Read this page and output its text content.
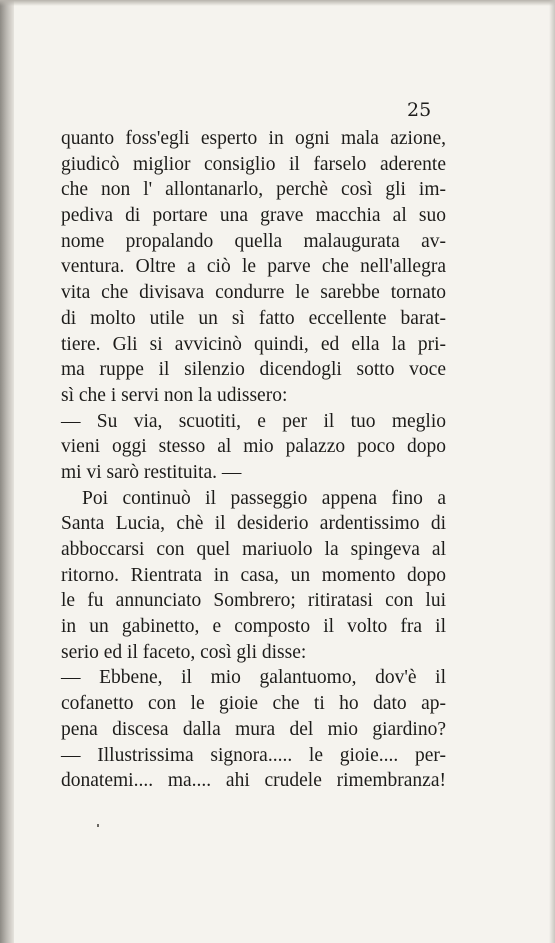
25
quanto foss'egli esperto in ogni mala azione,
giudicò miglior consiglio il farselo aderente
che non l' allontanarlo, perchè così gli im-
pediva di portare una grave macchia al suo
nome propalando quella malaugurata av-
ventura. Oltre a ciò le parve che nell'allegra
vita che divisava condurre le sarebbe tornato
di molto utile un sì fatto eccellente barat-
tiere. Gli si avvicinò quindi, ed ella la pri-
ma ruppe il silenzio dicendogli sotto voce
sì che i servi non la udissero:
— Su via, scuotiti, e per il tuo meglio
vieni oggi stesso al mio palazzo poco dopo
mi vi sarò restituita. —
Poi continuò il passeggio appena fino a
Santa Lucia, chè il desiderio ardentissimo di
abboccarsi con quel mariuolo la spingeva al
ritorno. Rientrata in casa, un momento dopo
le fu annunciato Sombrero; ritiratasi con lui
in un gabinetto, e composto il volto fra il
serio ed il faceto, così gli disse:
— Ebbene, il mio galantuomo, dov'è il
cofanetto con le gioie che ti ho dato ap-
pena discesa dalla mura del mio giardino?
— Illustrissima signora..... le gioie.... per-
donatemi.... ma.... ahi crudele rimembranza!
